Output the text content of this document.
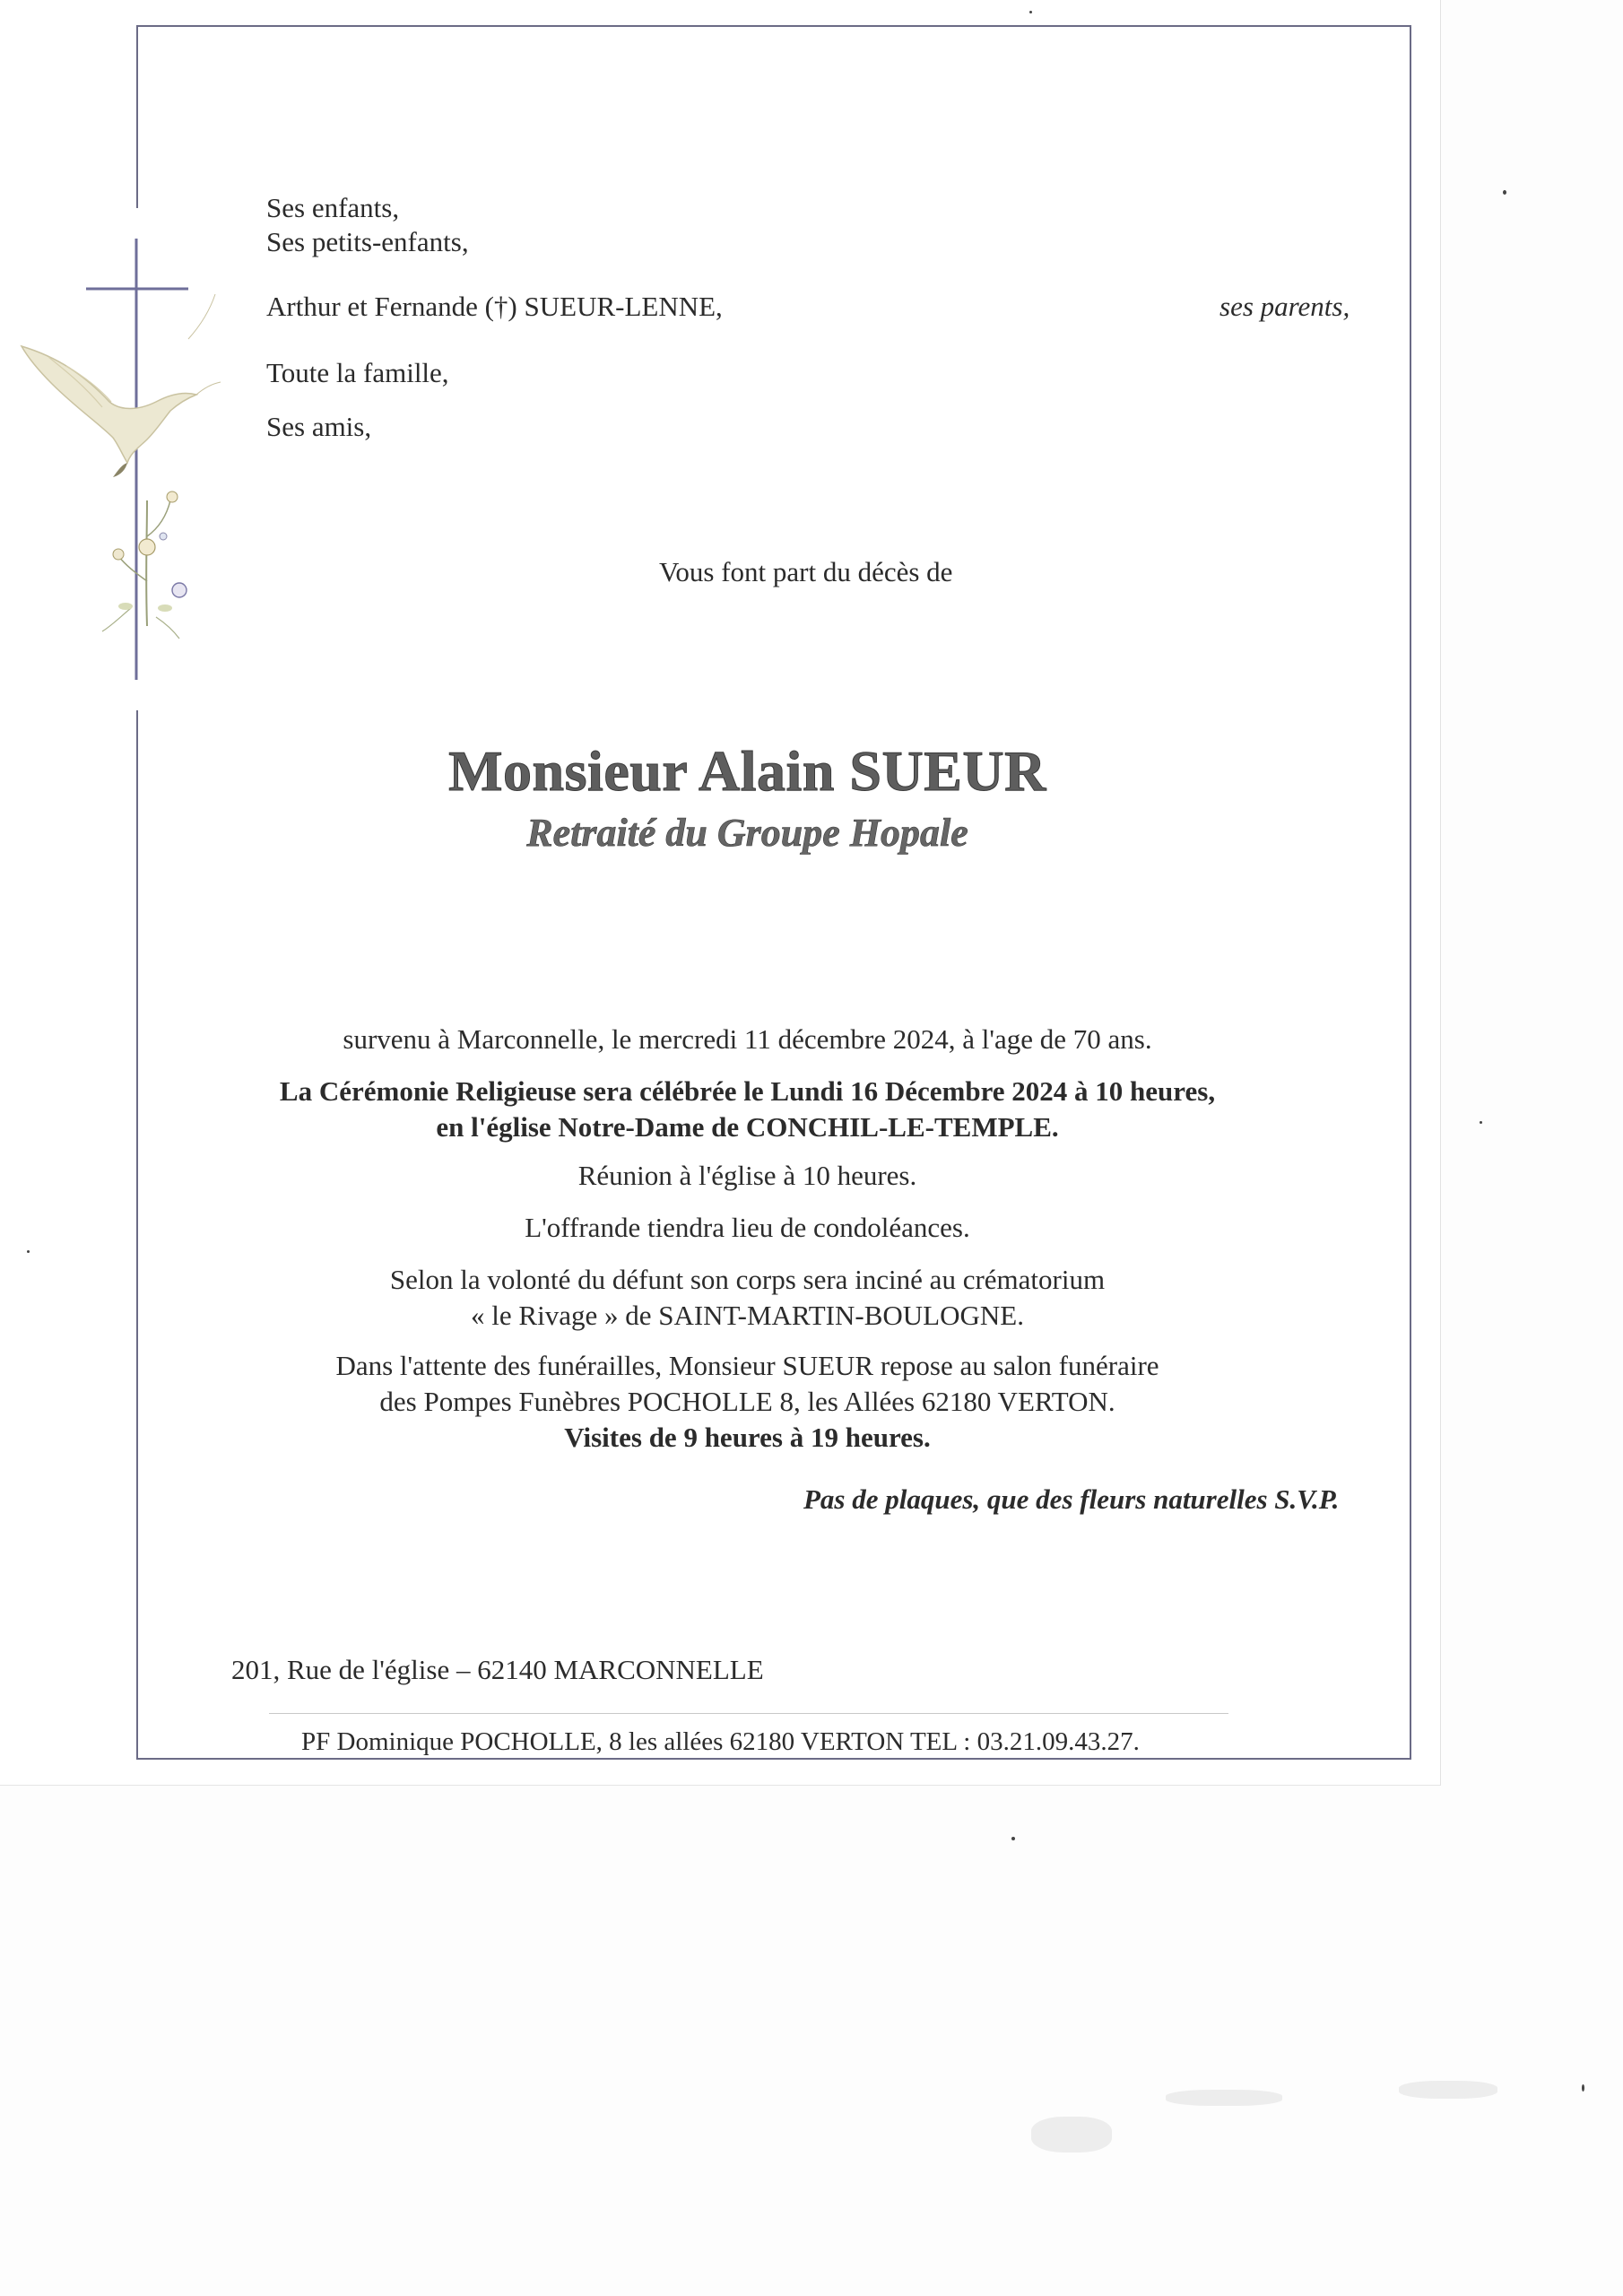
Ses enfants,
Ses petits-enfants,
Arthur et Fernande (†) SUEUR-LENNE,	ses parents,
Toute la famille,
Ses amis,
Vous font part du décès de
Monsieur Alain SUEUR
Retraité du Groupe Hopale
survenu à Marconnelle, le mercredi 11 décembre 2024, à l'age de 70 ans.
La Cérémonie Religieuse sera célébrée le Lundi 16 Décembre 2024 à 10 heures,
en l'église Notre-Dame de CONCHIL-LE-TEMPLE.
Réunion à l'église à 10 heures.
L'offrande tiendra lieu de condoléances.
Selon la volonté du défunt son corps sera inciné au crématorium
« le Rivage » de SAINT-MARTIN-BOULOGNE.
Dans l'attente des funérailles, Monsieur SUEUR repose au salon funéraire
des Pompes Funèbres POCHOLLE 8, les Allées 62180 VERTON.
Visites de 9 heures à 19 heures.
Pas de plaques, que des fleurs naturelles S.V.P.
201, Rue de l'église – 62140 MARCONNELLE
PF Dominique POCHOLLE, 8 les allées 62180 VERTON TEL : 03.21.09.43.27.
